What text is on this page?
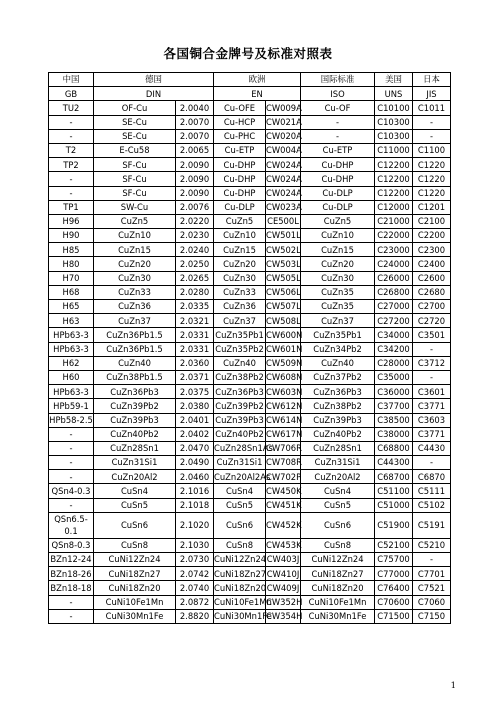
各国铜合金牌号及标准对照表
中国	德国		欧洲		国际标准	美国	日本
GB	DIN		EN		ISO	UNS	JIS
TU2	OF-Cu	2.0040	Cu-OFE	CW009A	Cu-OF	C10100	C1011
-	SE-Cu	2.0070	Cu-HCP	CW021A	-	C10300	-
-	SE-Cu	2.0070	Cu-PHC	CW020A	-	C10300	-
T2	E-Cu58	2.0065	Cu-ETP	CW004A	Cu-ETP	C11000	C1100
TP2	SF-Cu	2.0090	Cu-DHP	CW024A	Cu-DHP	C12200	C1220
-	SF-Cu	2.0090	Cu-DHP	CW024A	Cu-DHP	C12200	C1220
-	SF-Cu	2.0090	Cu-DHP	CW024A	Cu-DLP	C12200	C1220
TP1	SW-Cu	2.0076	Cu-DLP	CW023A	Cu-DLP	C12000	C1201
H96	CuZn5	2.0220	CuZn5	CE500L	CuZn5	C21000	C2100
H90	CuZn10	2.0230	CuZn10	CW501L	CuZn10	C22000	C2200
H85	CuZn15	2.0240	CuZn15	CW502L	CuZn15	C23000	C2300
H80	CuZn20	2.0250	CuZn20	CW503L	CuZn20	C24000	C2400
H70	CuZn30	2.0265	CuZn30	CW505L	CuZn30	C26000	C2600
H68	CuZn33	2.0280	CuZn33	CW506L	CuZn35	C26800	C2680
H65	CuZn36	2.0335	CuZn36	CW507L	CuZn35	C27000	C2700
H63	CuZn37	2.0321	CuZn37	CW508L	CuZn37	C27200	C2720
HPb63-3	CuZn36Pb1.5	2.0331	CuZn35Pb1	CW600N	CuZn35Pb1	C34000	C3501
HPb63-3	CuZn36Pb1.5	2.0331	CuZn35Pb2	CW601N	CuZn34Pb2	C34200	-
H62	CuZn40	2.0360	CuZn40	CW509N	CuZn40	C28000	C3712
H60	CuZn38Pb1.5	2.0371	CuZn38Pb2	CW608N	CuZn37Pb2	C35000	-
HPb63-3	CuZn36Pb3	2.0375	CuZn36Pb3	CW603N	CuZn36Pb3	C36000	C3601
HPb59-1	CuZn39Pb2	2.0380	CuZn39Pb2	CW612N	CuZn38Pb2	C37700	C3771
HPb58-2.5	CuZn39Pb3	2.0401	CuZn39Pb3	CW614N	CuZn39Pb3	C38500	C3603
-	CuZn40Pb2	2.0402	CuZn40Pb2	CW617N	CuZn40Pb2	C38000	C3771
-	CuZn28Sn1	2.0470	CuZn28Sn1As	CW706R	CuZn28Sn1	C68800	C4430
-	CuZn31Si1	2.0490	CuZn31Si1	CW708R	CuZn31Si1	C44300	-
-	CuZn20Al2	2.0460	CuZn20Al2As	CW702P	CuZn20Al2	C68700	C6870
QSn4-0.3	CuSn4	2.1016	CuSn4	CW450K	CuSn4	C51100	C5111
-	CuSn5	2.1018	CuSn5	CW451K	CuSn5	C51000	C5102
QSn6.5-0.1	CuSn6	2.1020	CuSn6	CW452K	CuSn6	C51900	C5191
QSn8-0.3	CuSn8	2.1030	CuSn8	CW453K	CuSn8	C52100	C5210
BZn12-24	CuNi12Zn24	2.0730	CuNi12Zn24	CW403J	CuNi12Zn24	C75700	-
BZn18-26	CuNi18Zn27	2.0742	CuNi18Zn27	CW410J	CuNi18Zn27	C77000	C7701
BZn18-18	CuNi18Zn20	2.0740	CuNi18Zn20	CW409J	CuNi18Zn20	C76400	C7521
-	CuNi10Fe1Mn	2.0872	CuNi10Fe1Mn	CW352H	CuNi10Fe1Mn	C70600	C7060
-	CuNi30Mn1Fe	2.8820	CuNi30Mn1Fe	CW354H	CuNi30Mn1Fe	C71500	C7150
1
